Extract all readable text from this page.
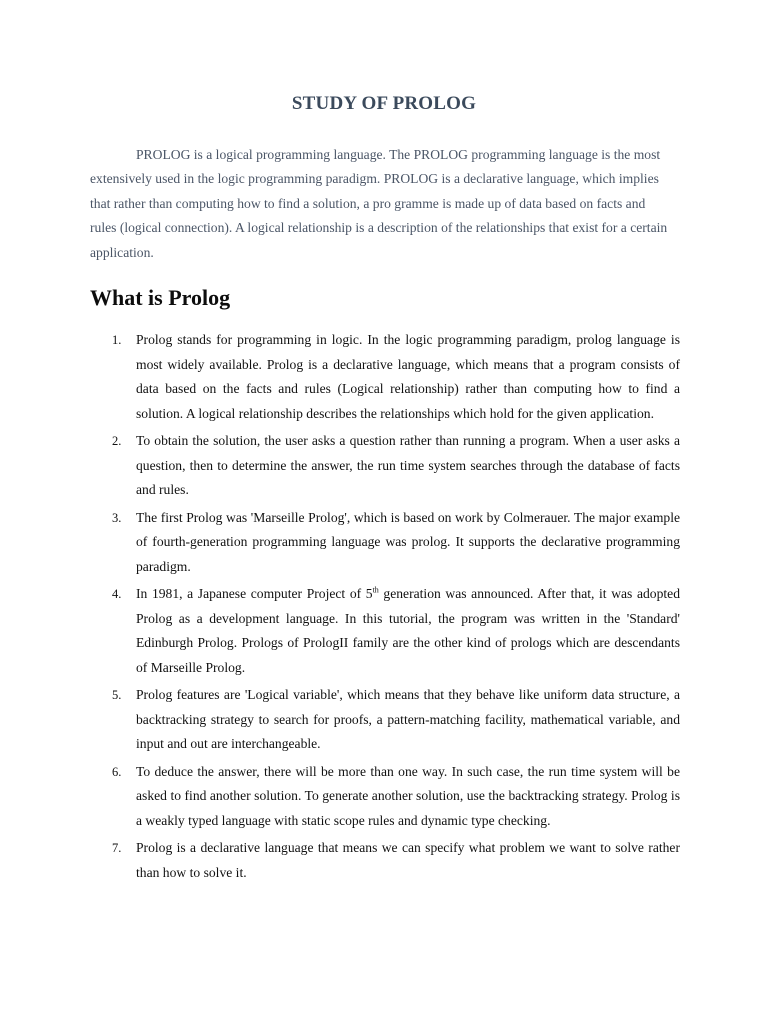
STUDY OF PROLOG

PROLOG is a logical programming language. The PROLOG programming language is the most extensively used in the logic programming paradigm. PROLOG is a declarative language, which implies that rather than computing how to find a solution, a pro gramme is made up of data based on facts and rules (logical connection). A logical relationship is a description of the relationships that exist for a certain application.

What is Prolog
1. Prolog stands for programming in logic. In the logic programming paradigm, prolog language is most widely available. Prolog is a declarative language, which means that a program consists of data based on the facts and rules (Logical relationship) rather than computing how to find a solution. A logical relationship describes the relationships which hold for the given application.
2. To obtain the solution, the user asks a question rather than running a program. When a user asks a question, then to determine the answer, the run time system searches through the database of facts and rules.
3. The first Prolog was 'Marseille Prolog', which is based on work by Colmerauer. The major example of fourth-generation programming language was prolog. It supports the declarative programming paradigm.
4. In 1981, a Japanese computer Project of 5th generation was announced. After that, it was adopted Prolog as a development language. In this tutorial, the program was written in the 'Standard' Edinburgh Prolog. Prologs of PrologII family are the other kind of prologs which are descendants of Marseille Prolog.
5. Prolog features are 'Logical variable', which means that they behave like uniform data structure, a backtracking strategy to search for proofs, a pattern-matching facility, mathematical variable, and input and out are interchangeable.
6. To deduce the answer, there will be more than one way. In such case, the run time system will be asked to find another solution. To generate another solution, use the backtracking strategy. Prolog is a weakly typed language with static scope rules and dynamic type checking.
7. Prolog is a declarative language that means we can specify what problem we want to solve rather than how to solve it.
